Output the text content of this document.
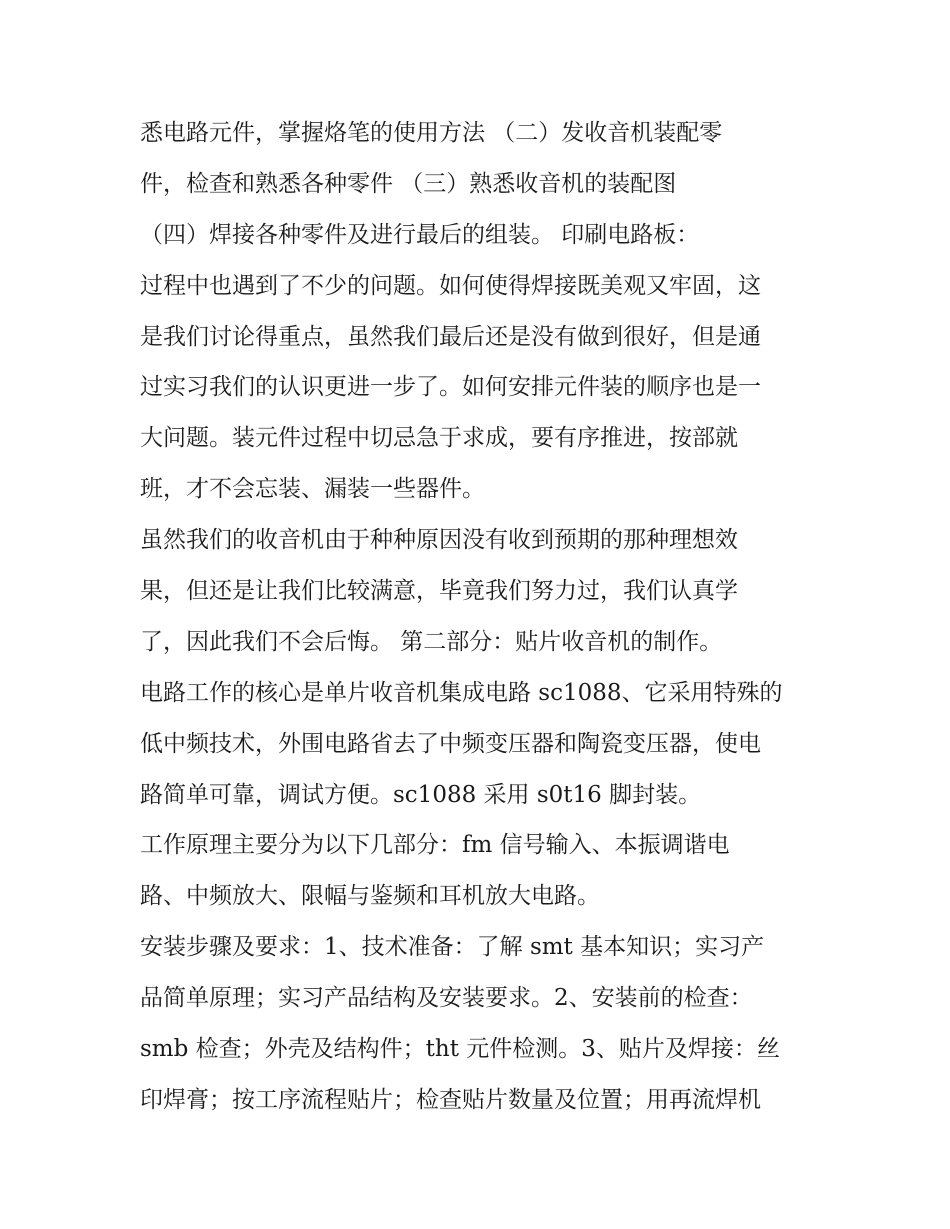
悉电路元件，掌握烙笔的使用方法 （二）发收音机装配零
件，检查和熟悉各种零件 （三）熟悉收音机的装配图
（四）焊接各种零件及进行最后的组装。 印刷电路板：
过程中也遇到了不少的问题。如何使得焊接既美观又牢固，这
是我们讨论得重点，虽然我们最后还是没有做到很好，但是通
过实习我们的认识更进一步了。如何安排元件装的顺序也是一
大问题。装元件过程中切忌急于求成，要有序推进，按部就
班，才不会忘装、漏装一些器件。
虽然我们的收音机由于种种原因没有收到预期的那种理想效
果，但还是让我们比较满意，毕竟我们努力过，我们认真学
了，因此我们不会后悔。 第二部分：贴片收音机的制作。
电路工作的核心是单片收音机集成电路 sc1088、它采用特殊的
低中频技术，外围电路省去了中频变压器和陶瓷变压器，使电
路简单可靠，调试方便。sc1088 采用 s0t16 脚封装。
工作原理主要分为以下几部分：fm 信号输入、本振调谐电
路、中频放大、限幅与鉴频和耳机放大电路。
安装步骤及要求：1、技术准备：了解 smt 基本知识；实习产
品简单原理；实习产品结构及安装要求。2、安装前的检查：
smb 检查；外壳及结构件；tht 元件检测。3、贴片及焊接：丝
印焊膏；按工序流程贴片；检查贴片数量及位置；用再流焊机
